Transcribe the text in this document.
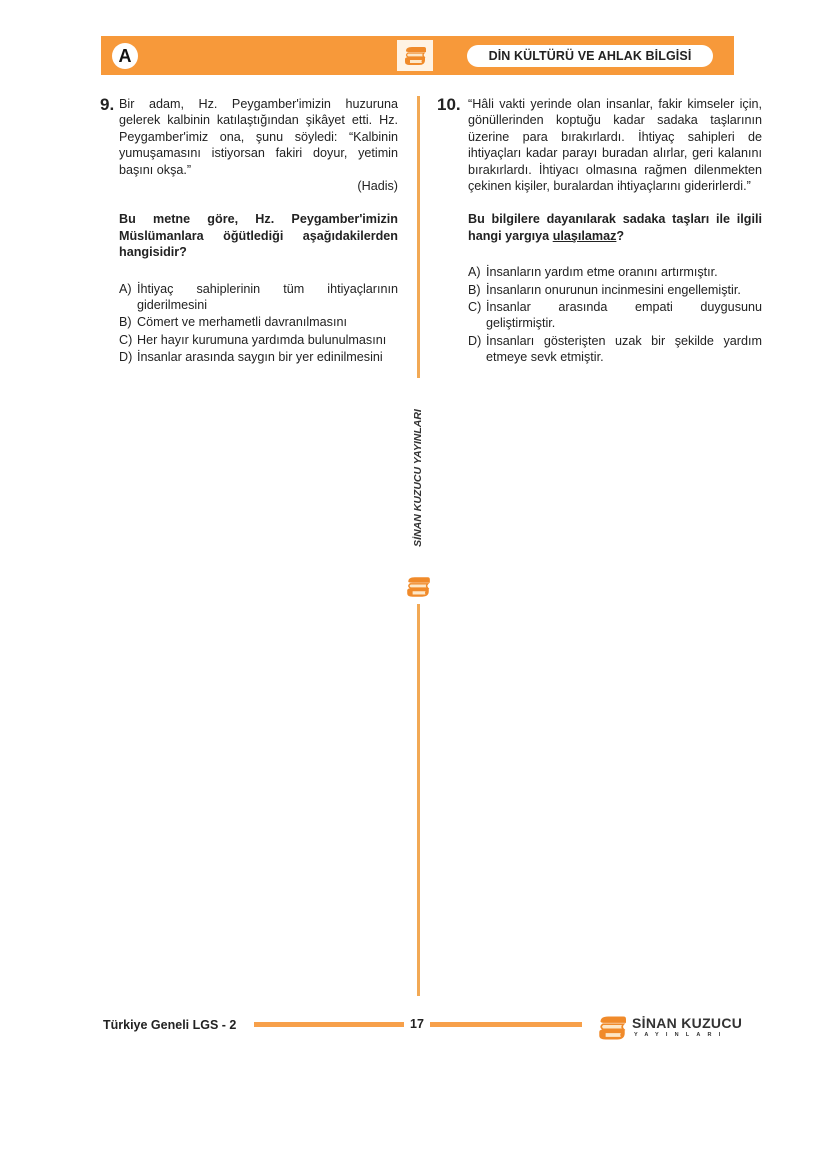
A	DİN KÜLTÜRÜ VE AHLAK BİLGİSİ
9. Bir adam, Hz. Peygamber'imizin huzuruna gelerek kalbinin katılaştığından şikâyet etti. Hz. Peygamber'imiz ona, şunu söyledi: “Kalbinin yumuşamasını istiyorsan fakiri doyur, yetimin başını okşa.”

(Hadis)

Bu metne göre, Hz. Peygamber'imizin Müslümanlara öğütlediği aşağıdakilerden hangisidir?

A) İhtiyaç sahiplerinin tüm ihtiyaçlarının giderilmesini
B) Cömert ve merhametli davranılmasını
C) Her hayır kurumuna yardımda bulunulmasını
D) İnsanlar arasında saygın bir yer edinilmesini
SİNAN KUZUCU YAYINLARI
10. “Hâli vakti yerinde olan insanlar, fakir kimseler için, gönüllerinden koptuğu kadar sadaka taşlarının üzerine para bırakırlardı. İhtiyaç sahipleri de ihtiyaçları kadar parayı buradan alırlar, geri kalanını bırakırlardı. İhtiyacı olmasına rağmen dilenmekten çekinen kişiler, buralardan ihtiyaçlarını giderirlerdi.”

Bu bilgilere dayanılarak sadaka taşları ile ilgili hangi yargıya ulaşılamaz?

A) İnsanların yardım etme oranını artırmıştır.
B) İnsanların onurunun incinmesini engellemiştir.
C) İnsanlar arasında empati duygusunu geliştirmiştir.
D) İnsanları gösterişten uzak bir şekilde yardım etmeye sevk etmiştir.
Türkiye Geneli LGS - 2	17	SİNAN KUZUCU
YAYINLARI
